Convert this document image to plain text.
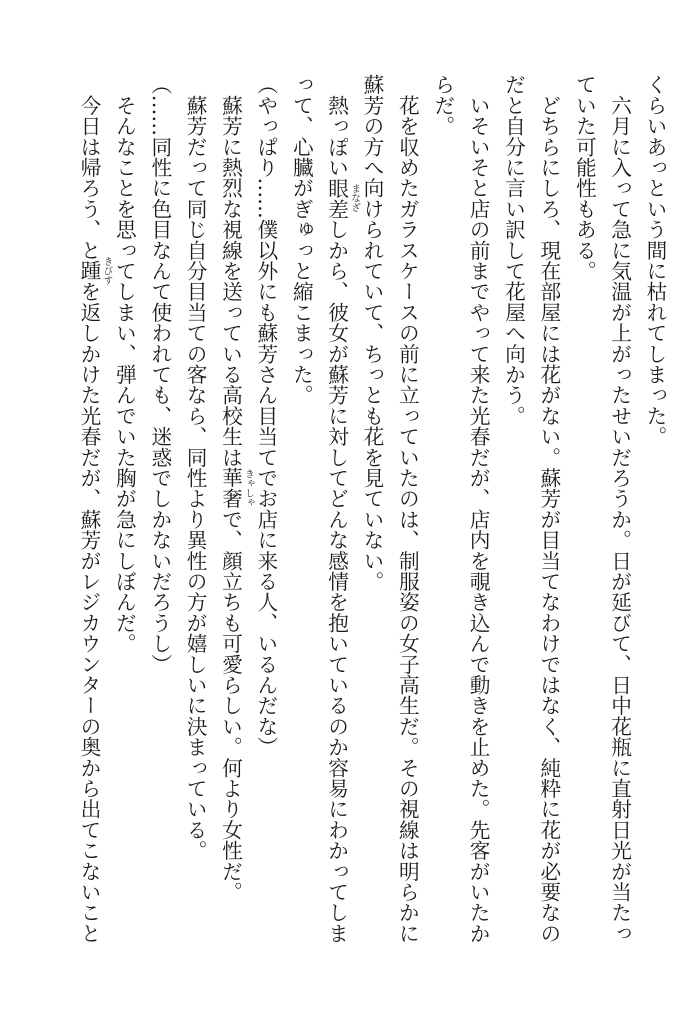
くらいあっという間に枯れてしまった。
　六月に入って急に気温が上がったせいだろうか。日が延びて、日中花瓶に直射日光が当たっ
ていた可能性もある。
　どちらにしろ、現在部屋には花がない。蘇芳が目当てなわけではなく、純粋に花が必要なの
だと自分に言い訳して花屋へ向かう。
　いそいそと店の前までやって来た光春だが、店内を覗き込んで動きを止めた。先客がいたか
らだ。
　花を収めたガラスケースの前に立っていたのは、制服姿の女子高生だ。その視線は明らかに
蘇芳の方へ向けられていて、ちっとも花を見ていない。
　熱っぽい眼差 まなざ
しから、彼女が蘇芳に対してどんな感情を抱いているのか容易にわかってしま
って、心臓がぎゅっと縮こまった。
（やっぱり……僕以外にも蘇芳さん目当てでお店に来る人、いるんだな）
　蘇芳に熱烈な視線を送っている高校生は華奢 きゃしゃ
で、顔立ちも可愛らしい。何より女性だ。
　蘇芳だって同じ自分目当ての客なら、同性より異性の方が嬉しいに決まっている。
（……同性に色目なんて使われても、迷惑でしかないだろうし）
　そんなことを思ってしまい、弾んでいた胸が急にしぼんだ。
　今日は帰ろう、と踵 きびす
を返しかけた光春だが、蘇芳がレジカウンターの奥から出てこないこと
